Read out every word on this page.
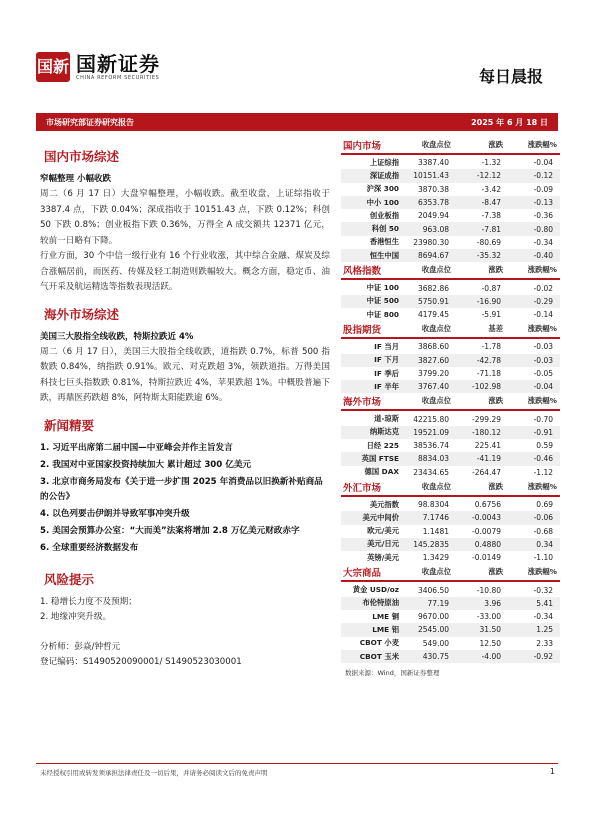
国新 国新证券
CHINA REFORM SECURITIES	每日晨报
市场研究部证券研究报告	2025 年 6 月 18 日
国内市场综述
窄幅整理 小幅收跌

周二（6 月 17 日）大盘窄幅整理，小幅收跌。截至收盘，上证综指收于 3387.4 点，下跌 0.04%；深成指收于 10151.43 点，下跌 0.12%；科创 50 下跌 0.8%；创业板指下跌 0.36%，万得全 A 成交额共 12371 亿元，较前一日略有下降。

行业方面，30 个中信一级行业有 16 个行业收涨，其中综合金融、煤炭及综合涨幅居前，而医药、传媒及轻工制造则跌幅较大。概念方面，稳定币、油气开采及航运精选等指数表现活跃。

海外市场综述
美国三大股指全线收跌，特斯拉跌近 4%

周二（6 月 17 日），美国三大股指全线收跌，道指跌 0.7%，标普 500 指数跌 0.84%，纳指跌 0.91%。欧元、对克跌超 3%，领跌道指。万得美国科技七巨头指数跌 0.81%，特斯拉跌近 4%，苹果跌超 1%。中概股普遍下跌，再鼎医药跌超 8%，阿特斯太阳能跌逾 6%。

新闻精要
1. 习近平出席第二届中国—中亚峰会并作主旨发言
2. 我国对中亚国家投资持续加大 累计超过 300 亿美元
3. 北京市商务局发布《关于进一步扩围 2025 年消费品以旧换新补贴商品的公告》
4. 以色列要击伊朗并导致军事冲突升级
5. 美国会预算办公室：“大而美”法案将增加 2.8 万亿美元财政赤字
6. 全球重要经济数据发布
风险提示
1. 稳增长力度不及预期；
2. 地缘冲突升级。
分析师：彭焱/钟哲元
登记编码：S1490520090001/ S1490523030001
国内市场	收盘点位	涨跌	涨跌幅%
上证综指	3387.40	-1.32	-0.04
深证成指	10151.43	-12.12	-0.12
沪深 300	3870.38	-3.42	-0.09
中小 100	6353.78	-8.47	-0.13
创业板指	2049.94	-7.38	-0.36
科创 50	963.08	-7.81	-0.80
香港恒生	23980.30	-80.69	-0.34
恒生中国	8694.67	-35.32	-0.40
风格指数	收盘点位	涨跌	涨跌幅%
中证 100	3682.86	-0.87	-0.02
中证 500	5750.91	-16.90	-0.29
中证 800	4179.45	-5.91	-0.14
股指期货	收盘点位	基差	涨跌幅%
IF 当月	3868.60	-1.78	-0.03
IF 下月	3827.60	-42.78	-0.03
IF 季后	3799.20	-71.18	-0.05
IF 半年	3767.40	-102.98	-0.04
海外市场	收盘点位	涨跌	涨跌幅%
道-琼斯	42215.80	-299.29	-0.70
纳斯达克	19521.09	-180.12	-0.91
日经 225	38536.74	225.41	0.59
英国 FTSE	8834.03	-41.19	-0.46
德国 DAX	23434.65	-264.47	-1.12
外汇市场	收盘点位	涨跌	涨跌幅%
美元指数	98.8304	0.6756	0.69
美元中间价	7.1746	-0.0043	-0.06
欧元/美元	1.1481	-0.0079	-0.68
美元/日元	145.2835	0.4880	0.34
英镑/美元	1.3429	-0.0149	-1.10
大宗商品	收盘点位	涨跌	涨跌幅%
黄金 USD/oz	3406.50	-10.80	-0.32
布伦特原油	77.19	3.96	5.41
LME 铜	9670.00	-33.00	-0.34
LME 铝	2545.00	31.50	1.25
CBOT 小麦	549.00	12.50	2.33
CBOT 玉米	430.75	-4.00	-0.92
数据来源：Wind，国新证券整理
未经授权引用或转发须承担法律责任及一切后果，并请务必阅读文后的免责声明	1
